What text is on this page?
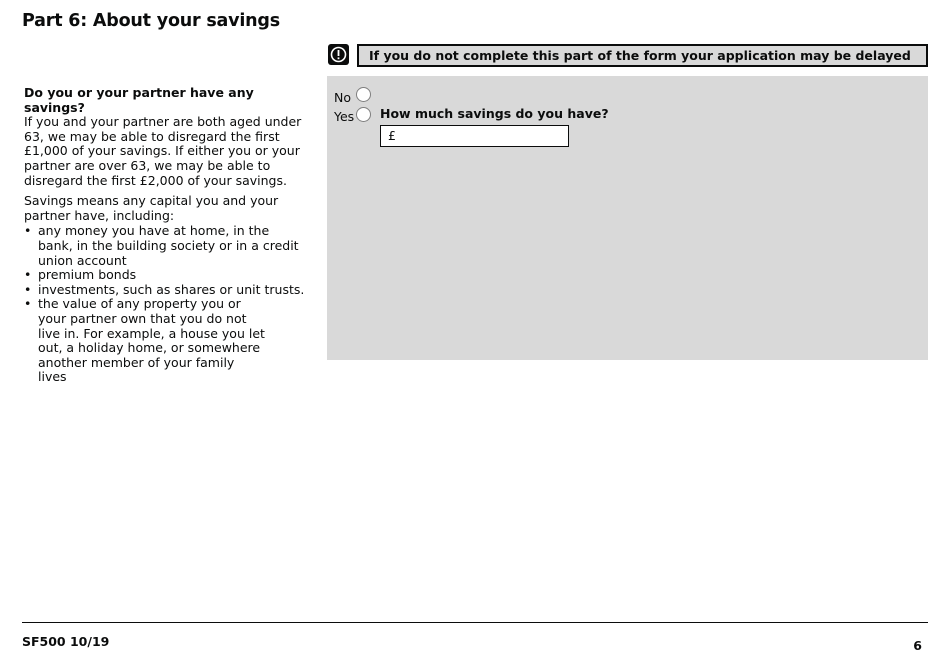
Part 6: About your savings
If you do not complete this part of the form your application may be delayed

Do you or your partner have any savings?

If you and your partner are both aged under 63, we may be able to disregard the first £1,000 of your savings. If either you or your partner are over 63, we may be able to disregard the first £2,000 of your savings.

Savings means any capital you and your partner have, including:

• any money you have at home, in the bank, in the building society or in a credit union account
• premium bonds
• investments, such as shares or unit trusts.
• the value of any property you or your partner own that you do not live in. For example, a house you let out, a holiday home, or somewhere another member of your family lives
No
Yes How much savings do you have?
£
SF500 10/19	6
